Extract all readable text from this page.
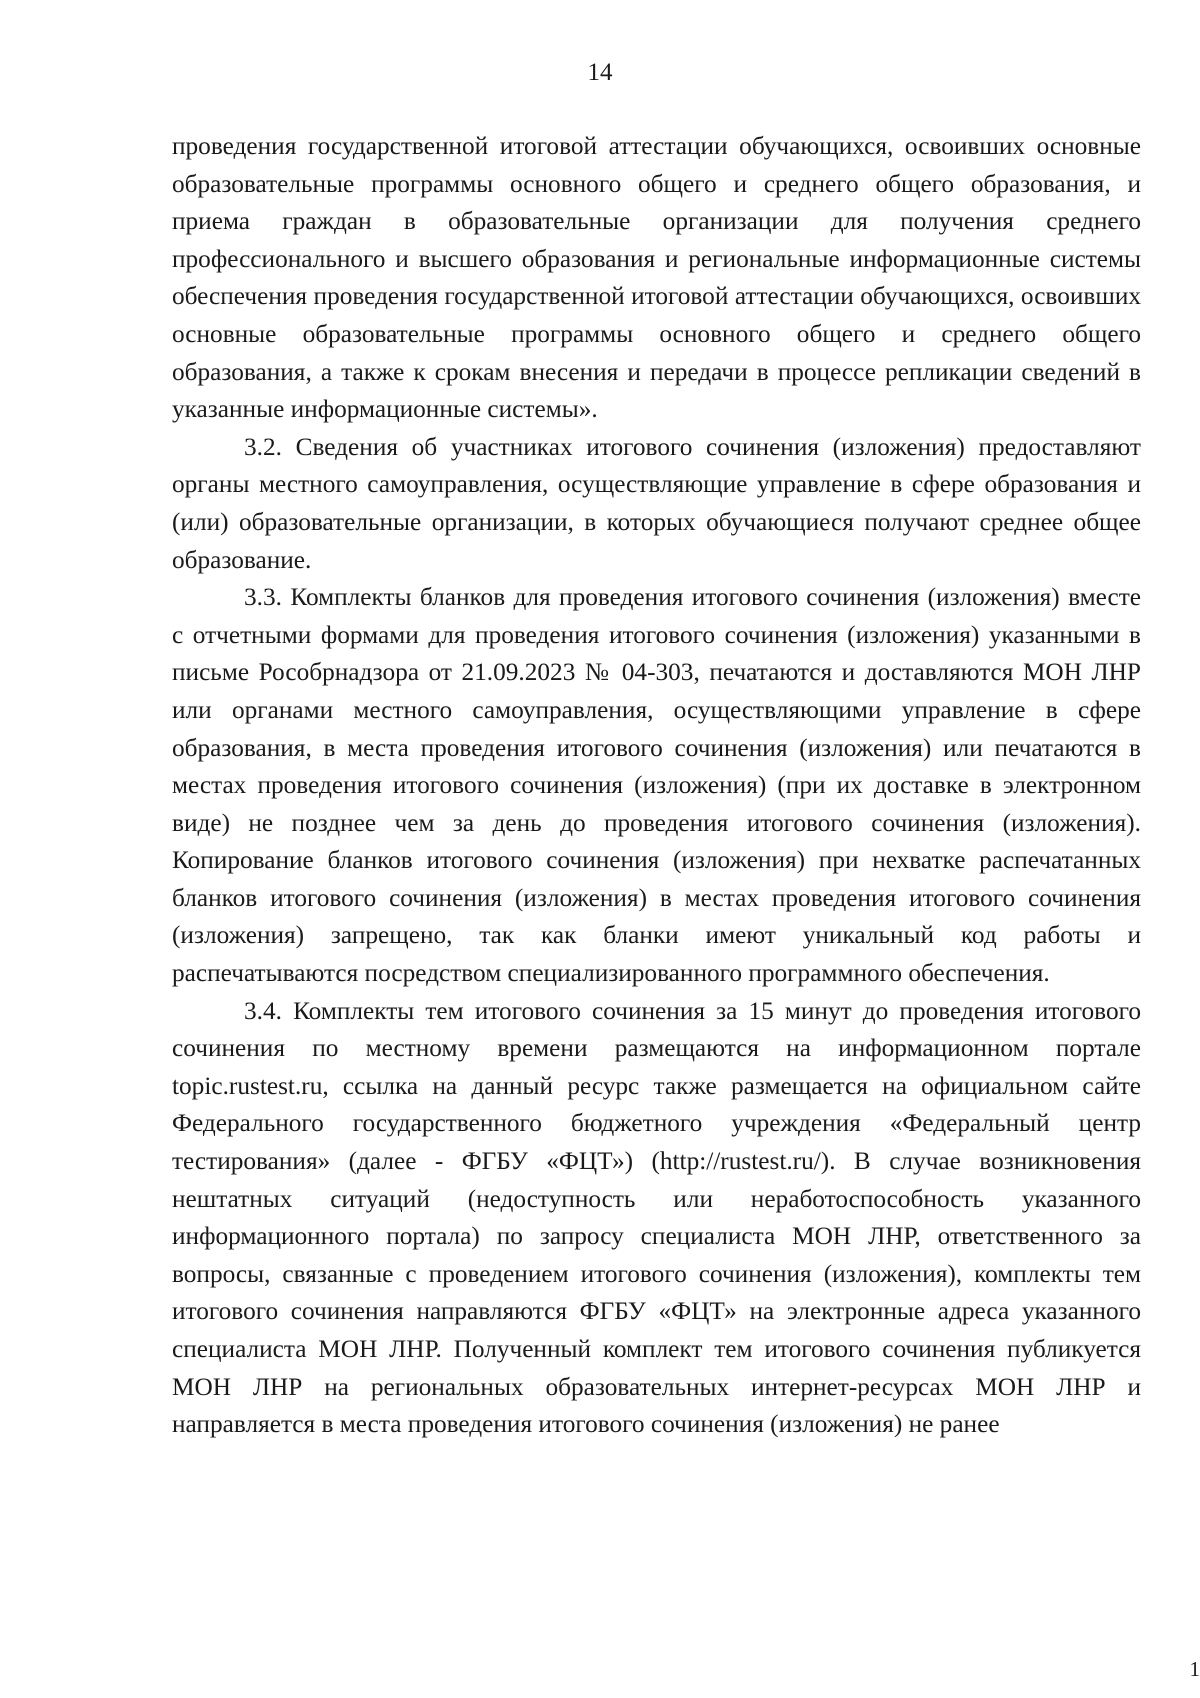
14

проведения государственной итоговой аттестации обучающихся, освоивших основные образовательные программы основного общего и среднего общего образования, и приема граждан в образовательные организации для получения среднего профессионального и высшего образования и региональные информационные системы обеспечения проведения государственной итоговой аттестации обучающихся, освоивших основные образовательные программы основного общего и среднего общего образования, а также к срокам внесения и передачи в процессе репликации сведений в указанные информационные системы».

3.2. Сведения об участниках итогового сочинения (изложения) предоставляют органы местного самоуправления, осуществляющие управление в сфере образования и (или) образовательные организации, в которых обучающиеся получают среднее общее образование.

3.3. Комплекты бланков для проведения итогового сочинения (изложения) вместе с отчетными формами для проведения итогового сочинения (изложения) указанными в письме Рособрнадзора от 21.09.2023 № 04-303, печатаются и доставляются МОН ЛНР или органами местного самоуправления, осуществляющими управление в сфере образования, в места проведения итогового сочинения (изложения) или печатаются в местах проведения итогового сочинения (изложения) (при их доставке в электронном виде) не позднее чем за день до проведения итогового сочинения (изложения). Копирование бланков итогового сочинения (изложения) при нехватке распечатанных бланков итогового сочинения (изложения) в местах проведения итогового сочинения (изложения) запрещено, так как бланки имеют уникальный код работы и распечатываются посредством специализированного программного обеспечения.

3.4. Комплекты тем итогового сочинения за 15 минут до проведения итогового сочинения по местному времени размещаются на информационном портале topic.rustest.ru, ссылка на данный ресурс также размещается на официальном сайте Федерального государственного бюджетного учреждения «Федеральный центр тестирования» (далее - ФГБУ «ФЦТ») (http://rustest.ru/). В случае возникновения нештатных ситуаций (недоступность или неработоспособность указанного информационного портала) по запросу специалиста МОН ЛНР, ответственного за вопросы, связанные с проведением итогового сочинения (изложения), комплекты тем итогового сочинения направляются ФГБУ «ФЦТ» на электронные адреса указанного специалиста МОН ЛНР. Полученный комплект тем итогового сочинения публикуется МОН ЛНР на региональных образовательных интернет-ресурсах МОН ЛНР и направляется в места проведения итогового сочинения (изложения) не ранее

1
